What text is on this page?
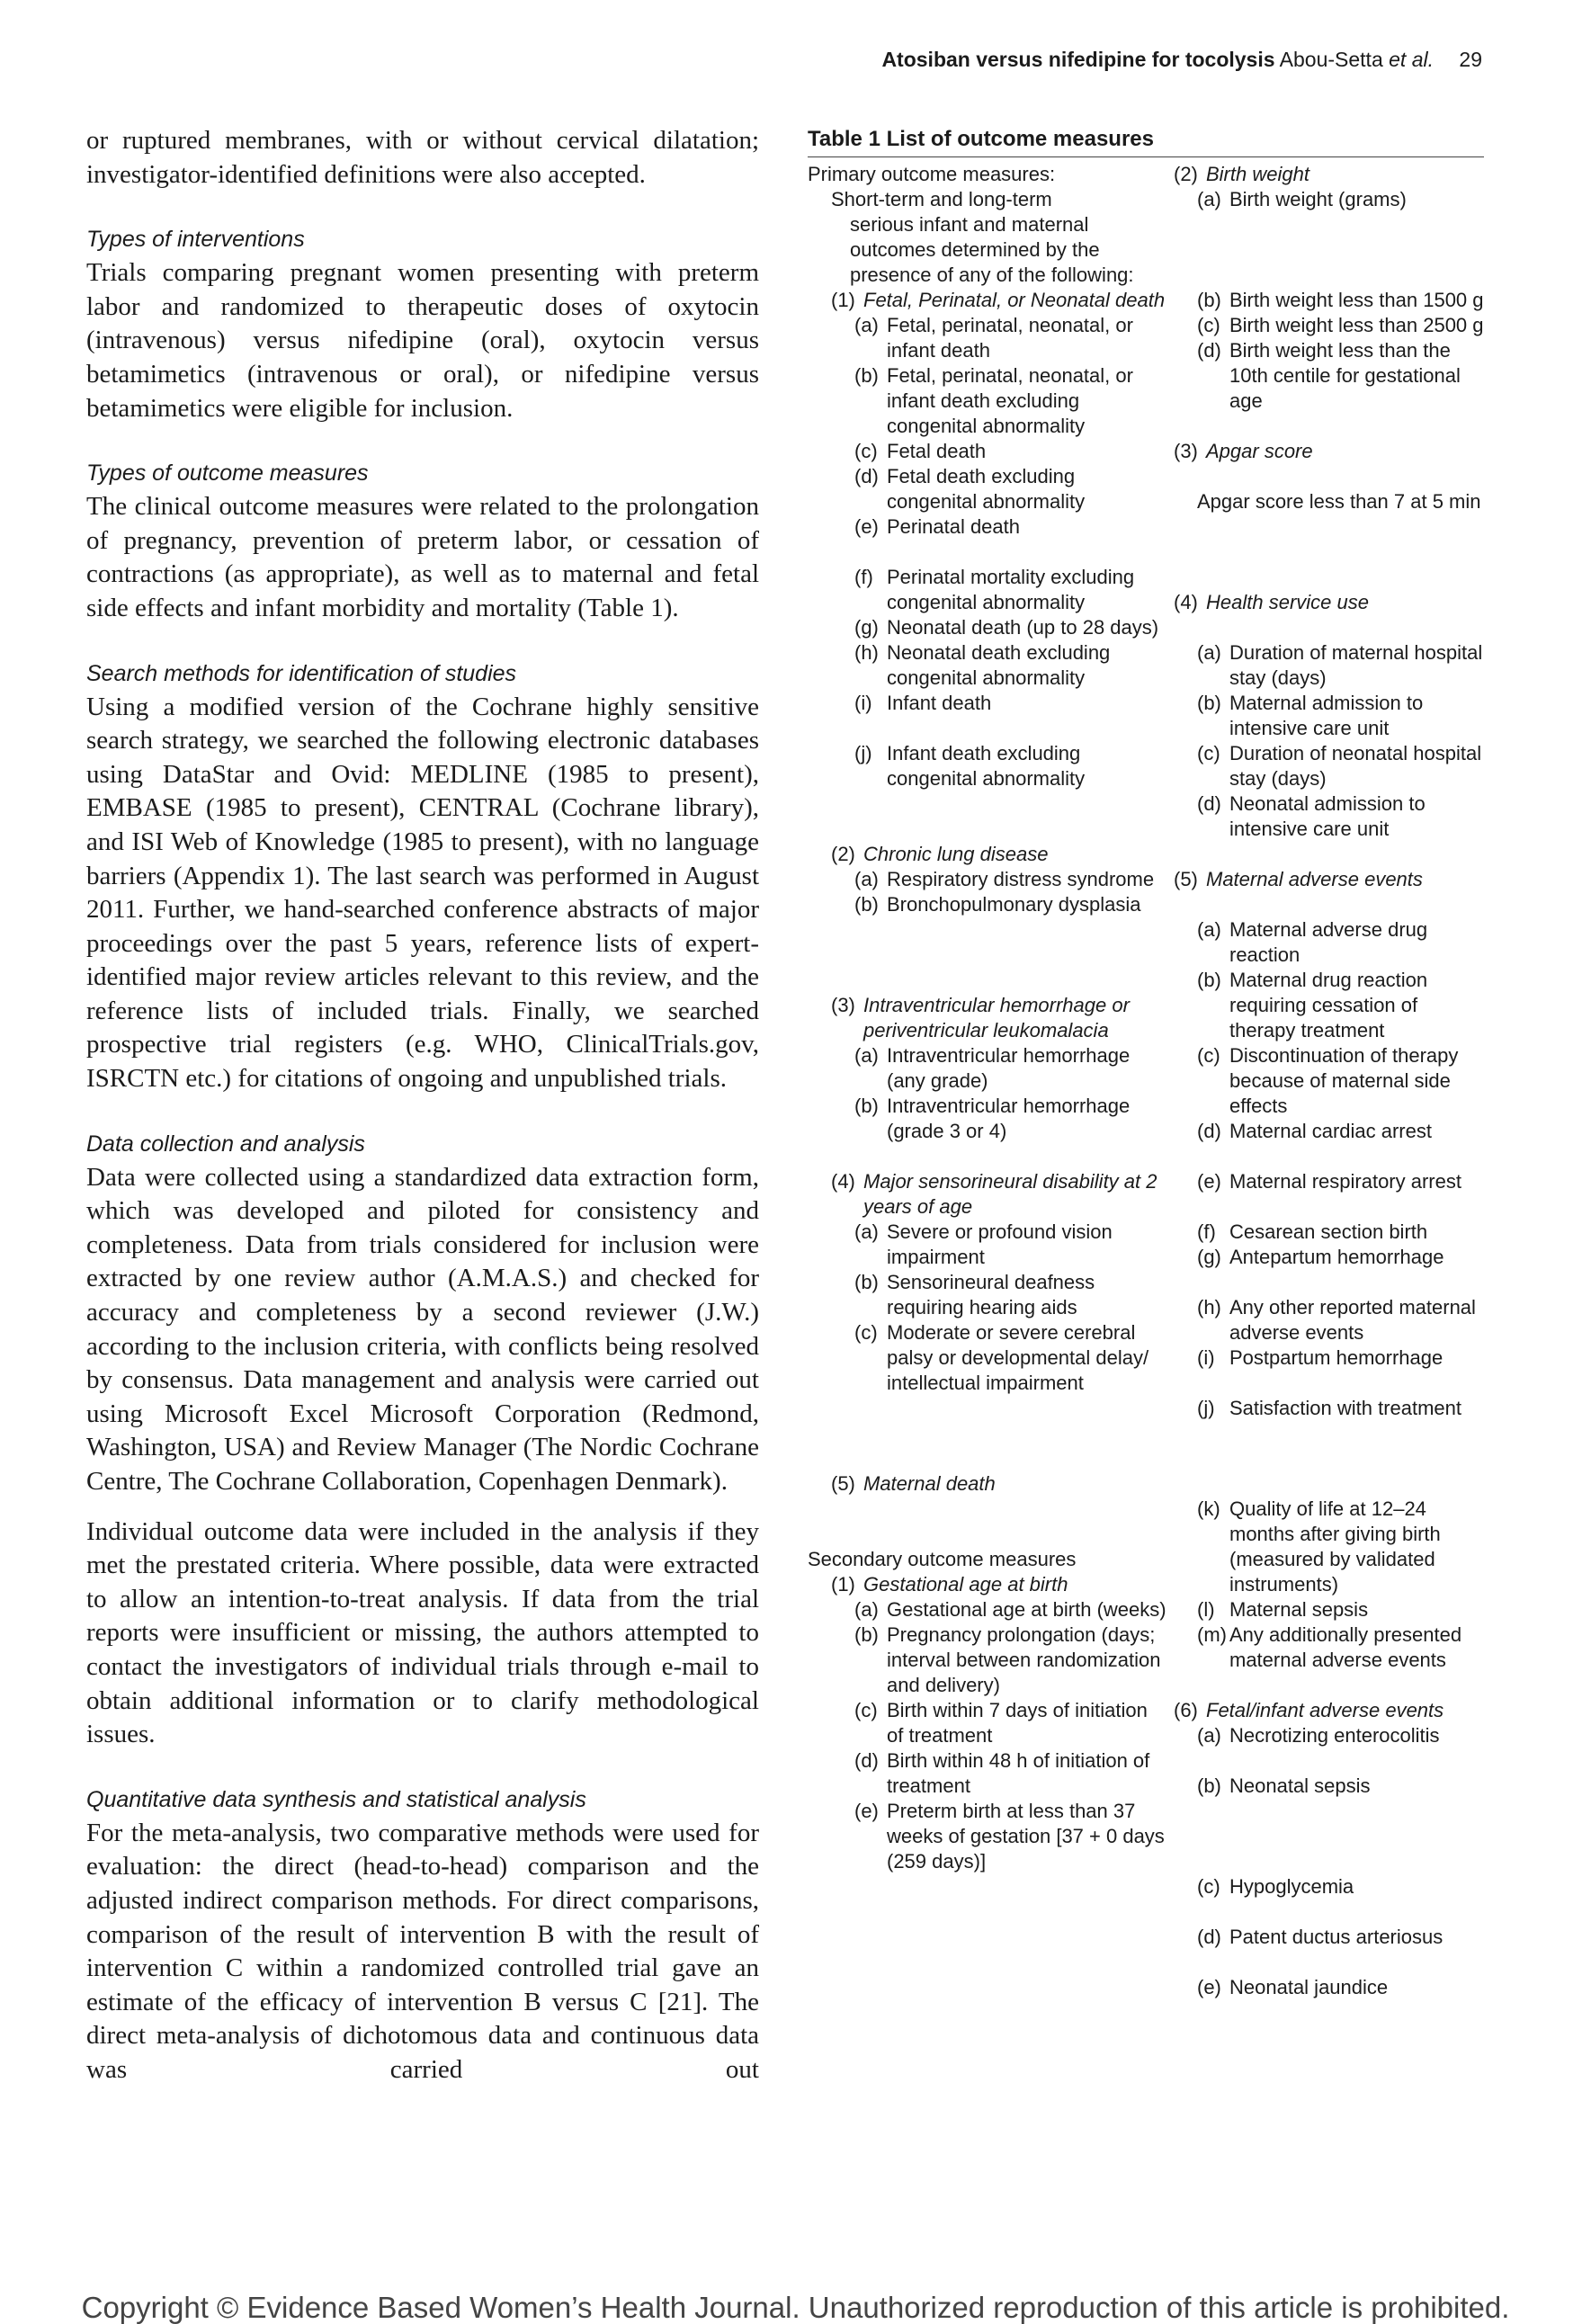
Atosiban versus nifedipine for tocolysis Abou-Setta et al. 29

or ruptured membranes, with or without cervical dilatation; investigator-identified definitions were also accepted.

Types of interventions

Trials comparing pregnant women presenting with preterm labor and randomized to therapeutic doses of oxytocin (intravenous) versus nifedipine (oral), oxytocin versus betamimetics (intravenous or oral), or nifedipine versus betamimetics were eligible for inclusion.

Types of outcome measures

The clinical outcome measures were related to the prolongation of pregnancy, prevention of preterm labor, or cessation of contractions (as appropriate), as well as to maternal and fetal side effects and infant morbidity and mortality (Table 1).

Search methods for identification of studies

Using a modified version of the Cochrane highly sensitive search strategy, we searched the following electronic databases using DataStar and Ovid: MEDLINE (1985 to present), EMBASE (1985 to present), CENTRAL (Cochrane library), and ISI Web of Knowledge (1985 to present), with no language barriers (Appendix 1). The last search was performed in August 2011. Further, we hand-searched conference abstracts of major proceedings over the past 5 years, reference lists of expert-identified major review articles relevant to this review, and the reference lists of included trials. Finally, we searched prospective trial registers (e.g. WHO, ClinicalTrials.gov, ISRCTN etc.) for citations of ongoing and unpublished trials.

Data collection and analysis

Data were collected using a standardized data extraction form, which was developed and piloted for consistency and completeness. Data from trials considered for inclusion were extracted by one review author (A.M.A.S.) and checked for accuracy and completeness by a second reviewer (J.W.) according to the inclusion criteria, with conflicts being resolved by consensus. Data management and analysis were carried out using Microsoft Excel Microsoft Corporation (Redmond, Washington, USA) and Review Manager (The Nordic Cochrane Centre, The Cochrane Collaboration, Copenhagen Denmark).

Individual outcome data were included in the analysis if they met the prestated criteria. Where possible, data were extracted to allow an intention-to-treat analysis. If data from the trial reports were insufficient or missing, the authors attempted to contact the investigators of individual trials through e-mail to obtain additional information or to clarify methodological issues.

Quantitative data synthesis and statistical analysis

For the meta-analysis, two comparative methods were used for evaluation: the direct (head-to-head) comparison and the adjusted indirect comparison methods. For direct comparisons, comparison of the result of intervention B with the result of intervention C within a randomized controlled trial gave an estimate of the efficacy of intervention B versus C [21]. The direct meta-analysis of dichotomous data and continuous data was carried out

Table 1 List of outcome measures
Primary outcome measures:
Short-term and long-term
serious infant and maternal outcomes determined by the presence of any of the following:
(1) Fetal, Perinatal, or Neonatal death
(a) Fetal, perinatal, neonatal, or infant death
(b) Fetal, perinatal, neonatal, or infant death excluding congenital abnormality
(c) Fetal death
(d) Fetal death excluding congenital abnormality
(e) Perinatal death
(f) Perinatal mortality excluding congenital abnormality
(g) Neonatal death (up to 28 days)
(h) Neonatal death excluding congenital abnormality
(i) Infant death
(j) Infant death excluding congenital abnormality
(2) Chronic lung disease
(a) Respiratory distress syndrome
(b) Bronchopulmonary dysplasia
(3) Intraventricular hemorrhage or periventricular leukomalacia
(a) Intraventricular hemorrhage (any grade)
(b) Intraventricular hemorrhage (grade 3 or 4)
(4) Major sensorineural disability at 2 years of age
(a) Severe or profound vision impairment
(b) Sensorineural deafness requiring hearing aids
(c) Moderate or severe cerebral palsy or developmental delay/ intellectual impairment
(5) Maternal death
Secondary outcome measures
(1) Gestational age at birth
(a) Gestational age at birth (weeks)
(b) Pregnancy prolongation (days; interval between randomization and delivery)
(c) Birth within 7 days of initiation of treatment
(d) Birth within 48 h of initiation of treatment
(e) Preterm birth at less than 37 weeks of gestation [37 + 0 days (259 days)]
(2) Birth weight
(a) Birth weight (grams)
(b) Birth weight less than 1500 g
(c) Birth weight less than 2500 g
(d) Birth weight less than the 10th centile for gestational age
(3) Apgar score
Apgar score less than 7 at 5 min
(4) Health service use
(a) Duration of maternal hospital stay (days)
(b) Maternal admission to intensive care unit
(c) Duration of neonatal hospital stay (days)
(d) Neonatal admission to intensive care unit
(5) Maternal adverse events
(a) Maternal adverse drug reaction
(b) Maternal drug reaction requiring cessation of therapy treatment
(c) Discontinuation of therapy because of maternal side effects
(d) Maternal cardiac arrest
(e) Maternal respiratory arrest
(f) Cesarean section birth
(g) Antepartum hemorrhage
(h) Any other reported maternal adverse events
(i) Postpartum hemorrhage
(j) Satisfaction with treatment
(k) Quality of life at 12–24 months after giving birth (measured by validated instruments)
(l) Maternal sepsis
(m) Any additionally presented maternal adverse events
(6) Fetal/infant adverse events
(a) Necrotizing enterocolitis
(b) Neonatal sepsis
(c) Hypoglycemia
(d) Patent ductus arteriosus
(e) Neonatal jaundice
Copyright © Evidence Based Women’s Health Journal. Unauthorized reproduction of this article is prohibited.
